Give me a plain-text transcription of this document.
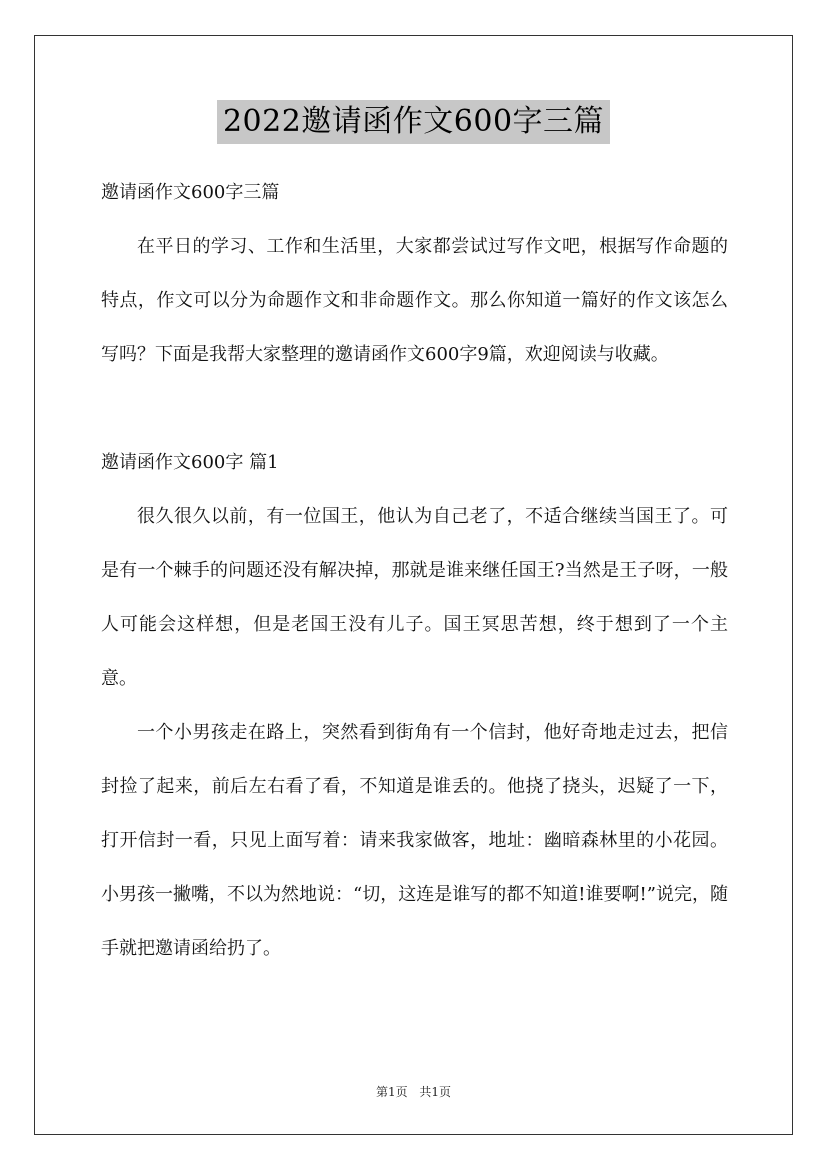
2022邀请函作文600字三篇

邀请函作文600字三篇

在平日的学习、工作和生活里，大家都尝试过写作文吧，根据写作命题的特点，作文可以分为命题作文和非命题作文。那么你知道一篇好的作文该怎么写吗？下面是我帮大家整理的邀请函作文600字9篇，欢迎阅读与收藏。

邀请函作文600字 篇1

很久很久以前，有一位国王，他认为自己老了，不适合继续当国王了。可是有一个棘手的问题还没有解决掉，那就是谁来继任国王?当然是王子呀，一般人可能会这样想，但是老国王没有儿子。国王冥思苦想，终于想到了一个主意。

一个小男孩走在路上，突然看到街角有一个信封，他好奇地走过去，把信封捡了起来，前后左右看了看，不知道是谁丢的。他挠了挠头，迟疑了一下，打开信封一看，只见上面写着：请来我家做客，地址：幽暗森林里的小花园。小男孩一撇嘴，不以为然地说：“切，这连是谁写的都不知道!谁要啊!”说完，随手就把邀请函给扔了。

第1页 共1页
